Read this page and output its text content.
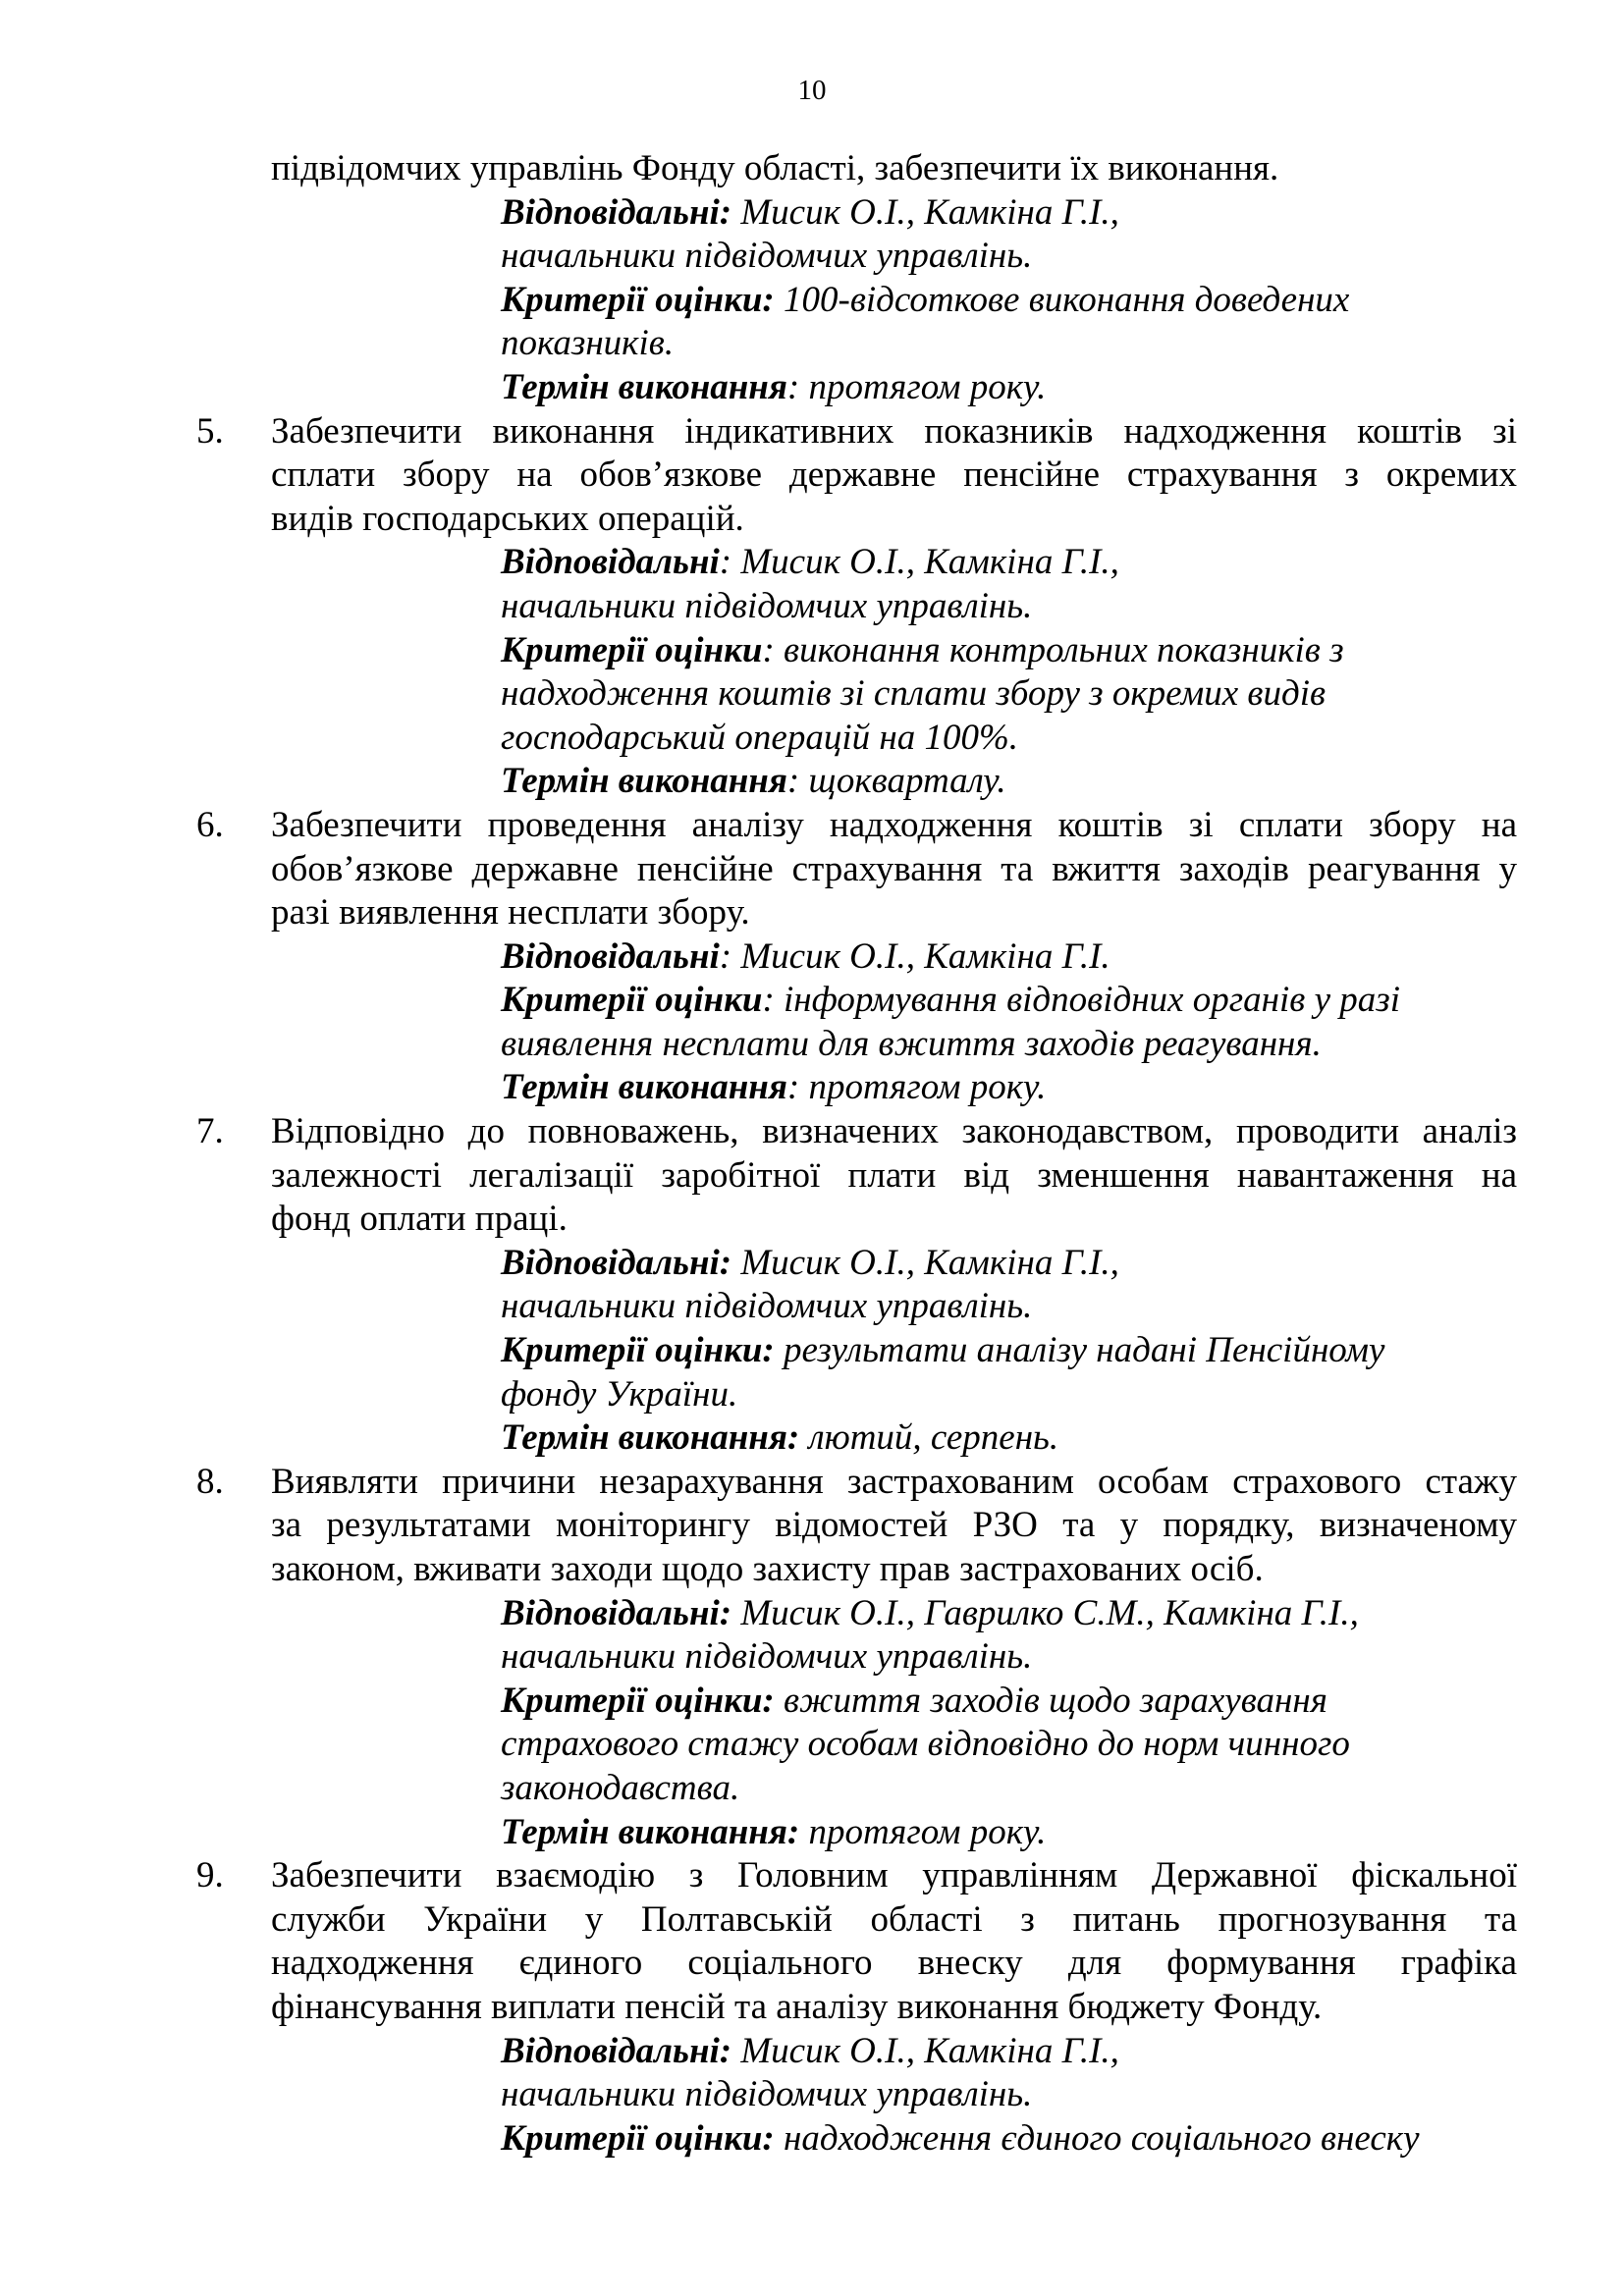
10
підвідомчих управлінь Фонду області, забезпечити їх виконання.
Відповідальні: Мисик О.І., Камкіна Г.І.,
начальники підвідомчих управлінь.
Критерії оцінки: 100-відсоткове виконання доведених
показників.
Термін виконання: протягом року.
5. Забезпечити виконання індикативних показників надходження коштів зі
сплати збору на обов’язкове державне пенсійне страхування з окремих
видів господарських операцій.
Відповідальні: Мисик О.І., Камкіна Г.І.,
начальники підвідомчих управлінь.
Критерії оцінки: виконання контрольних показників з
надходження коштів зі сплати збору з окремих видів
господарський операцій на 100%.
Термін виконання: щокварталу.
6. Забезпечити проведення аналізу надходження коштів зі сплати збору на
обов’язкове державне пенсійне страхування та вжиття заходів реагування у
разі виявлення несплати збору.
Відповідальні: Мисик О.І., Камкіна Г.І.
Критерії оцінки: інформування відповідних органів у разі
виявлення несплати для вжиття заходів реагування.
Термін виконання: протягом року.
7. Відповідно до повноважень, визначених законодавством, проводити аналіз
залежності легалізації заробітної плати від зменшення навантаження на
фонд оплати праці.
Відповідальні: Мисик О.І., Камкіна Г.І.,
начальники підвідомчих управлінь.
Критерії оцінки: результати аналізу надані Пенсійному
фонду України.
Термін виконання: лютий, серпень.
8. Виявляти причини незарахування застрахованим особам страхового стажу
за результатами моніторингу відомостей РЗО та у порядку, визначеному
законом, вживати заходи щодо захисту прав застрахованих осіб.
Відповідальні: Мисик О.І., Гаврилко С.М., Камкіна Г.І.,
начальники підвідомчих управлінь.
Критерії оцінки: вжиття заходів щодо зарахування
страхового стажу особам відповідно до норм чинного
законодавства.
Термін виконання: протягом року.
9. Забезпечити взаємодію з Головним управлінням Державної фіскальної
служби України у Полтавській області з питань прогнозування та
надходження єдиного соціального внеску для формування графіка
фінансування виплати пенсій та аналізу виконання бюджету Фонду.
Відповідальні: Мисик О.І., Камкіна Г.І.,
начальники підвідомчих управлінь.
Критерії оцінки: надходження єдиного соціального внеску
